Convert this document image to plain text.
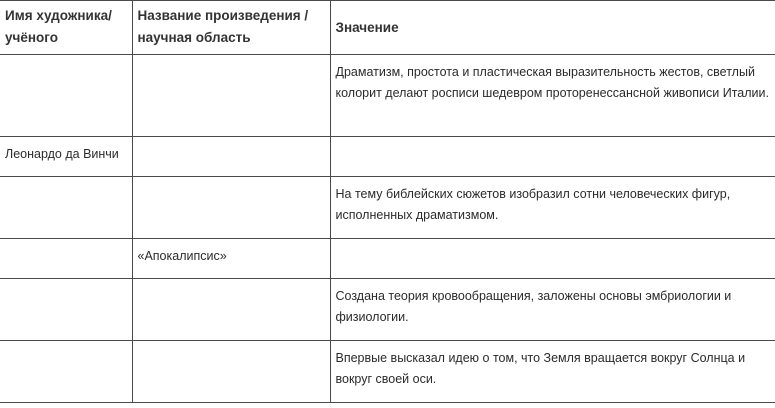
Имя художника/ учёного	Название произведения / научная область	Значение
		Драматизм, простота и пластическая выразительность жестов, светлый колорит делают росписи шедевром проторенессансной живописи Италии.
Леонардо да Винчи		
		На тему библейских сюжетов изобразил сотни человеческих фигур, исполненных драматизмом.
	«Апокалипсис»	
		Создана теория кровообращения, заложены основы эмбриологии и физиологии.
		Впервые высказал идею о том, что Земля вращается вокруг Солнца и вокруг своей оси.
